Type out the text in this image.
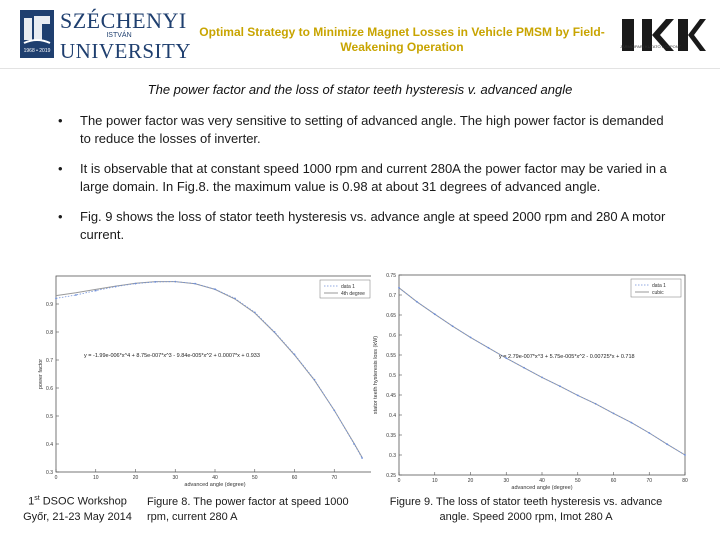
1968 • 2019
SZÉCHENYI
ISTVÁN
UNIVERSITY
Optimal Strategy to Minimize Magnet Losses in Vehicle PMSM by Field-Weakening Operation	JÁRMŰIPARI KUTATÓ KÖZPONT
The power factor and the loss of stator teeth hysteresis v. advanced angle
• The power factor was very sensitive to setting of advanced angle. The high power factor is demanded to reduce the losses of inverter.
• It is observable that at constant speed 1000 rpm and current 280A the power factor may be varied in a large domain. In Fig.8. the maximum value is 0.98 at about 31 degrees of advanced angle.
• Fig. 9 shows the loss of stator teeth hysteresis vs. advance angle at speed 2000 rpm and 280 A motor current.
0.3
0.4
0.5
0.6
0.7
0.8
0.9
0	10	20	30	40	50	60	70	80
advanced angle (degree)
power factor
data 1
4th degree
y = -1.99e-006*x^4 + 8.75e-007*x^3 - 9.84e-005*x^2 + 0.0007*x + 0.933
0.25
0.3
0.35
0.4
0.45
0.5
0.55
0.6
0.65
0.7
0.75
0	10	20	30	40	50	60	70	80
advanced angle (degree)
stator teeth hysteresis loss (kW)
data 1
cubic
y = 2.79e-007*x^3 + 5.75e-005*x^2 - 0.00725*x + 0.718
1st DSOC Workshop
Győr, 21-23 May 2014
Figure 8. The power factor at speed 1000 rpm, current 280 A
Figure 9. The loss of stator teeth hysteresis vs. advance angle. Speed 2000 rpm, Imot 280 A
